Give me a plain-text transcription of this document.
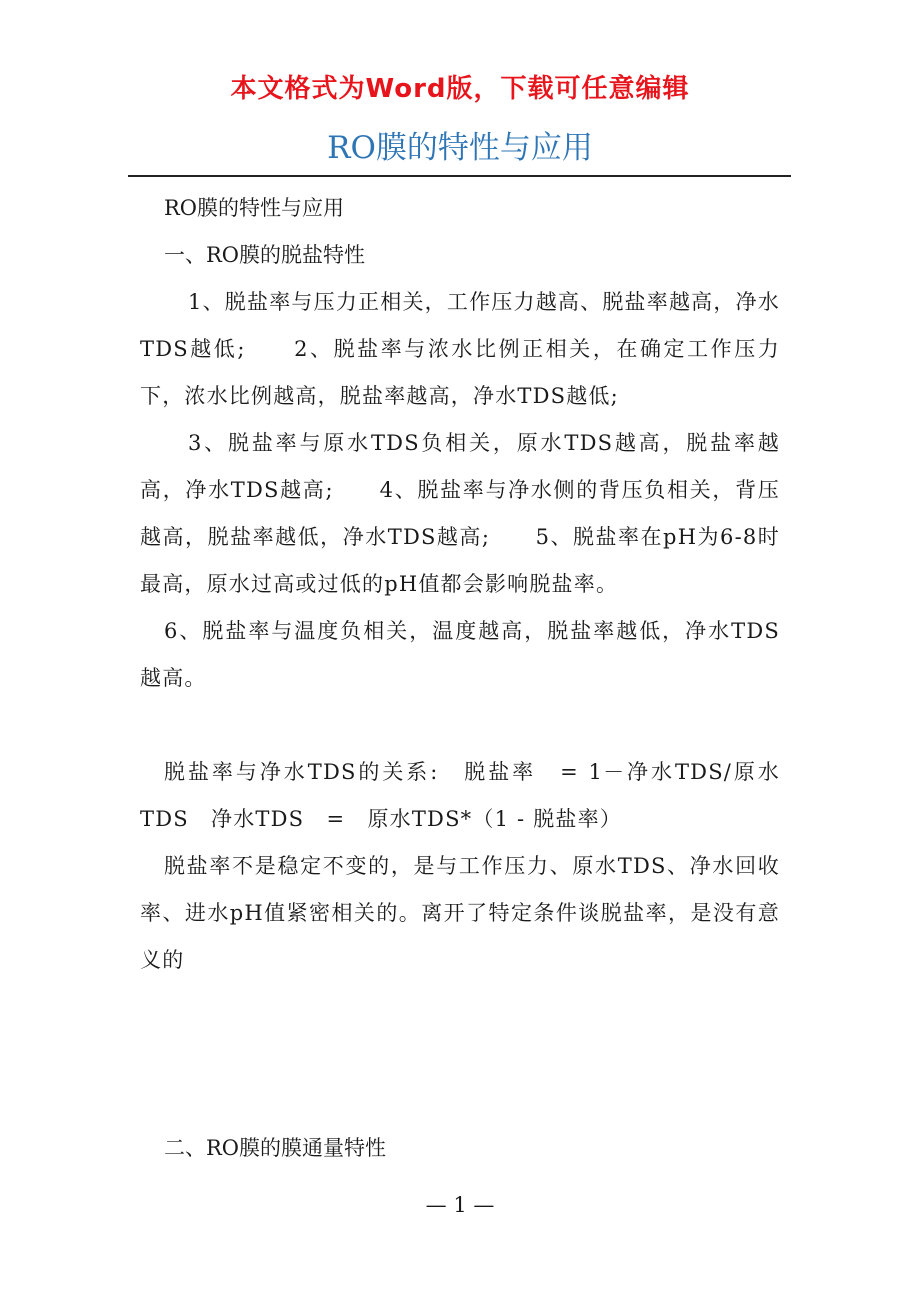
本文格式为Word版，下载可任意编辑
RO膜的特性与应用

RO膜的特性与应用

一、RO膜的脱盐特性

1、脱盐率与压力正相关，工作压力越高、脱盐率越高，净水TDS越低;　　2、脱盐率与浓水比例正相关，在确定工作压力下，浓水比例越高，脱盐率越高，净水TDS越低;

3、脱盐率与原水TDS负相关，原水TDS越高，脱盐率越高，净水TDS越高;　　4、脱盐率与净水侧的背压负相关，背压越高，脱盐率越低，净水TDS越高;　　5、脱盐率在pH为6-8时最高，原水过高或过低的pH值都会影响脱盐率。

6、脱盐率与温度负相关，温度越高，脱盐率越低，净水TDS越高。

脱盐率与净水TDS的关系:　脱盐率　= 1－净水TDS/原水TDS　净水TDS　=　原水TDS*（1 - 脱盐率）

脱盐率不是稳定不变的，是与工作压力、原水TDS、净水回收率、进水pH值紧密相关的。离开了特定条件谈脱盐率，是没有意义的

二、RO膜的膜通量特性

— 1 —
